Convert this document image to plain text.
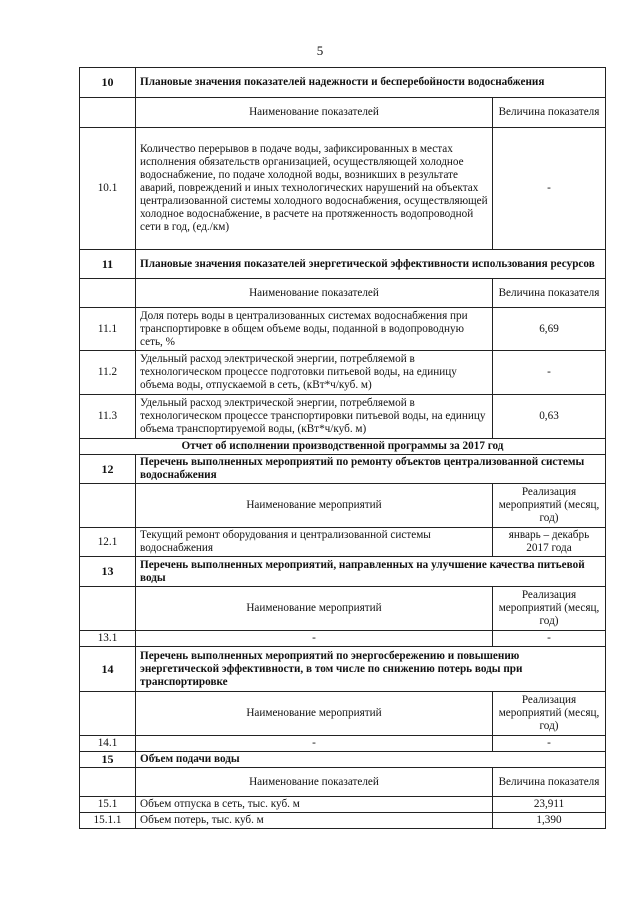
5
10	Плановые значения показателей надежности и бесперебойности водоснабжения	
	Наименование показателей	Величина показателя
10.1	Количество перерывов в подаче воды, зафиксированных в местах исполнения обязательств организацией, осуществляющей холодное водоснабжение, по подаче холодной воды, возникших в результате аварий, повреждений и иных технологических нарушений на объектах централизованной системы холодного водоснабжения, осуществляющей холодное водоснабжение, в расчете на протяженность водопроводной сети в год, (ед./км)	-
11	Плановые значения показателей энергетической эффективности использования ресурсов	
	Наименование показателей	Величина показателя
11.1	Доля потерь воды в централизованных системах водоснабжения при транспортировке в общем объеме воды, поданной в водопроводную сеть, %	6,69
11.2	Удельный расход электрической энергии, потребляемой в технологическом процессе подготовки питьевой воды, на единицу объема воды, отпускаемой в сеть, (кВт*ч/куб. м)	-
11.3	Удельный расход электрической энергии, потребляемой в технологическом процессе транспортировки питьевой воды, на единицу объема транспортируемой воды, (кВт*ч/куб. м)	0,63
Отчет об исполнении производственной программы за 2017 год		
12	Перечень выполненных мероприятий по ремонту объектов централизованной системы водоснабжения	
	Наименование мероприятий	Реализация мероприятий (месяц, год)
12.1	Текущий ремонт оборудования и централизованной системы водоснабжения	январь – декабрь 2017 года
13	Перечень выполненных мероприятий, направленных на улучшение качества питьевой воды	
	Наименование мероприятий	Реализация мероприятий (месяц, год)
13.1	-	-
14	Перечень выполненных мероприятий по энергосбережению и повышению энергетической эффективности, в том числе по снижению потерь воды при транспортировке	
	Наименование мероприятий	Реализация мероприятий (месяц, год)
14.1	-	-
15	Объем подачи воды	
	Наименование показателей	Величина показателя
15.1	Объем отпуска в сеть, тыс. куб. м	23,911
15.1.1	Объем потерь, тыс. куб. м	1,390
